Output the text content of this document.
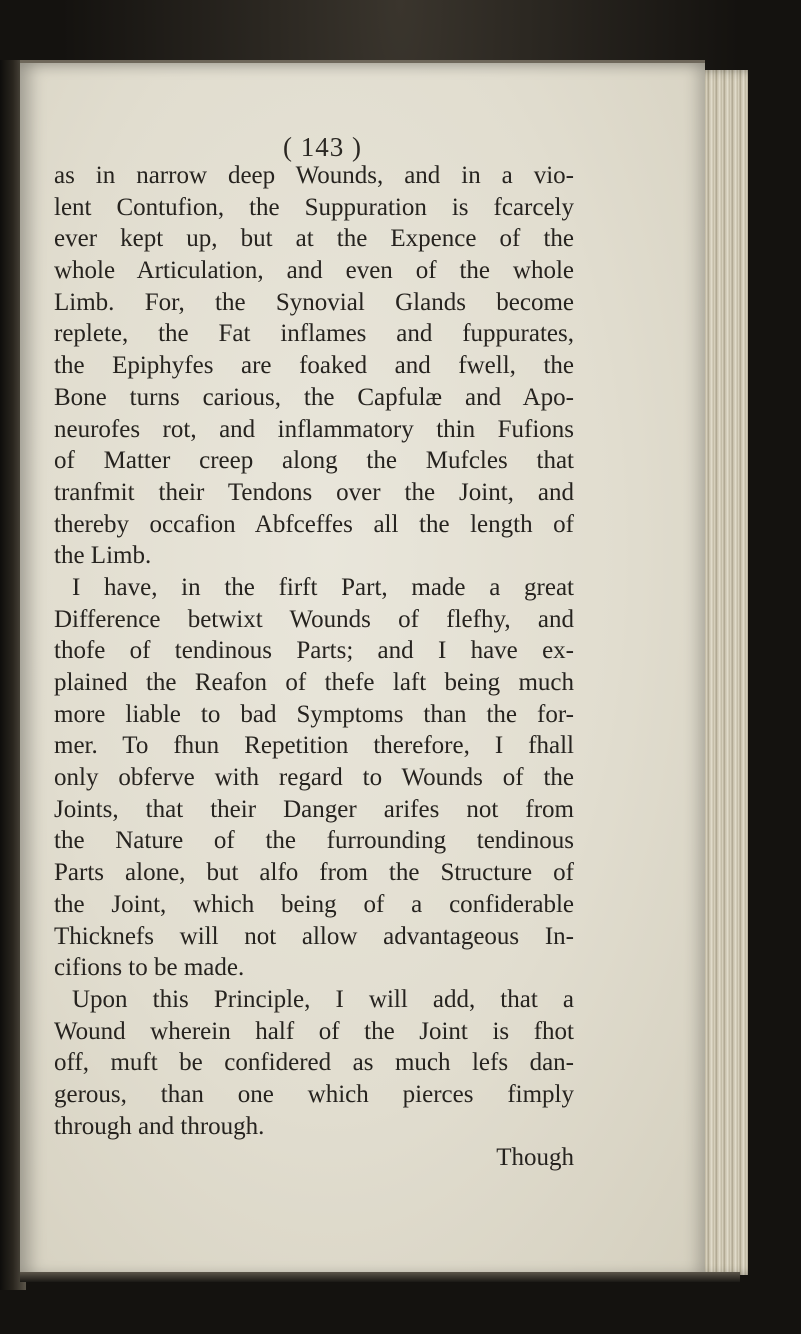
( 143 )
as in narrow deep Wounds, and in a vio-
lent Contufion, the Suppuration is fcarcely
ever kept up, but at the Expence of the
whole Articulation, and even of the whole
Limb. For, the Synovial Glands become
replete, the Fat inflames and fuppurates,
the Epiphyfes are foaked and fwell, the
Bone turns carious, the Capfulæ and Apo-
neurofes rot, and inflammatory thin Fufions
of Matter creep along the Mufcles that
tranfmit their Tendons over the Joint, and
thereby occafion Abfceffes all the length of
the Limb.
I have, in the firft Part, made a great
Difference betwixt Wounds of flefhy, and
thofe of tendinous Parts; and I have ex-
plained the Reafon of thefe laft being much
more liable to bad Symptoms than the for-
mer. To fhun Repetition therefore, I fhall
only obferve with regard to Wounds of the
Joints, that their Danger arifes not from
the Nature of the furrounding tendinous
Parts alone, but alfo from the Structure of
the Joint, which being of a confiderable
Thicknefs will not allow advantageous In-
cifions to be made.
Upon this Principle, I will add, that a
Wound wherein half of the Joint is fhot
off, muft be confidered as much lefs dan-
gerous, than one which pierces fimply
through and through.
Though
